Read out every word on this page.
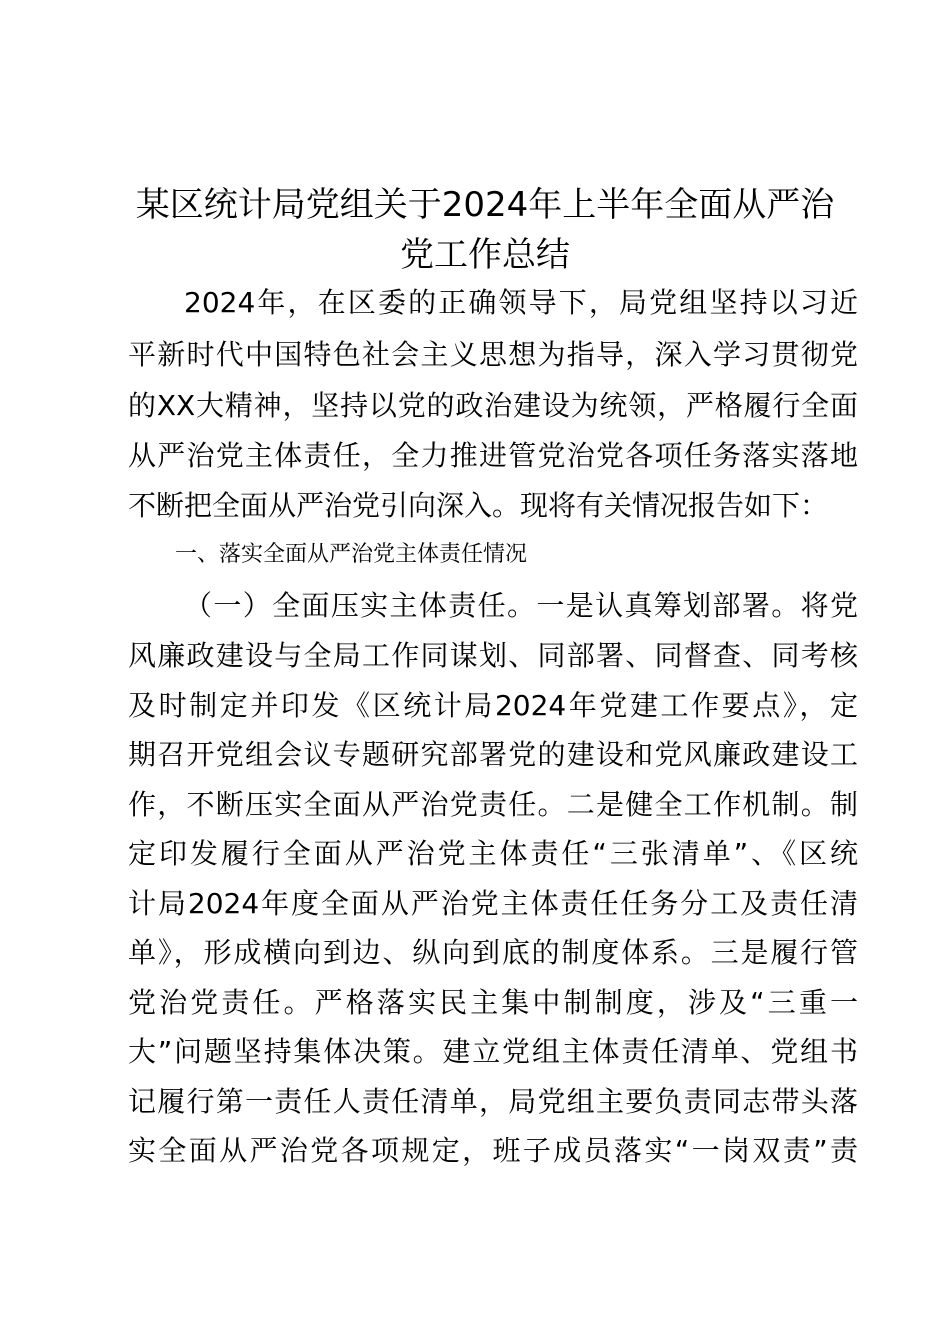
某区统计局党组关于2024年上半年全面从严治
党工作总结
2024年，在区委的正确领导下，局党组坚持以习近
平新时代中国特色社会主义思想为指导，深入学习贯彻党
的XX大精神，坚持以党的政治建设为统领，严格履行全面
从严治党主体责任，全力推进管党治党各项任务落实落地
不断把全面从严治党引向深入。现将有关情况报告如下：
一、落实全面从严治党主体责任情况
（一）全面压实主体责任。一是认真筹划部署。将党
风廉政建设与全局工作同谋划、同部署、同督查、同考核
及时制定并印发《区统计局2024年党建工作要点》，定
期召开党组会议专题研究部署党的建设和党风廉政建设工
作，不断压实全面从严治党责任。二是健全工作机制。制
定印发履行全面从严治党主体责任“三张清单”、《区统
计局2024年度全面从严治党主体责任任务分工及责任清
单》，形成横向到边、纵向到底的制度体系。三是履行管
党治党责任。严格落实民主集中制制度，涉及“三重一
大”问题坚持集体决策。建立党组主体责任清单、党组书
记履行第一责任人责任清单，局党组主要负责同志带头落
实全面从严治党各项规定，班子成员落实“一岗双责”责
